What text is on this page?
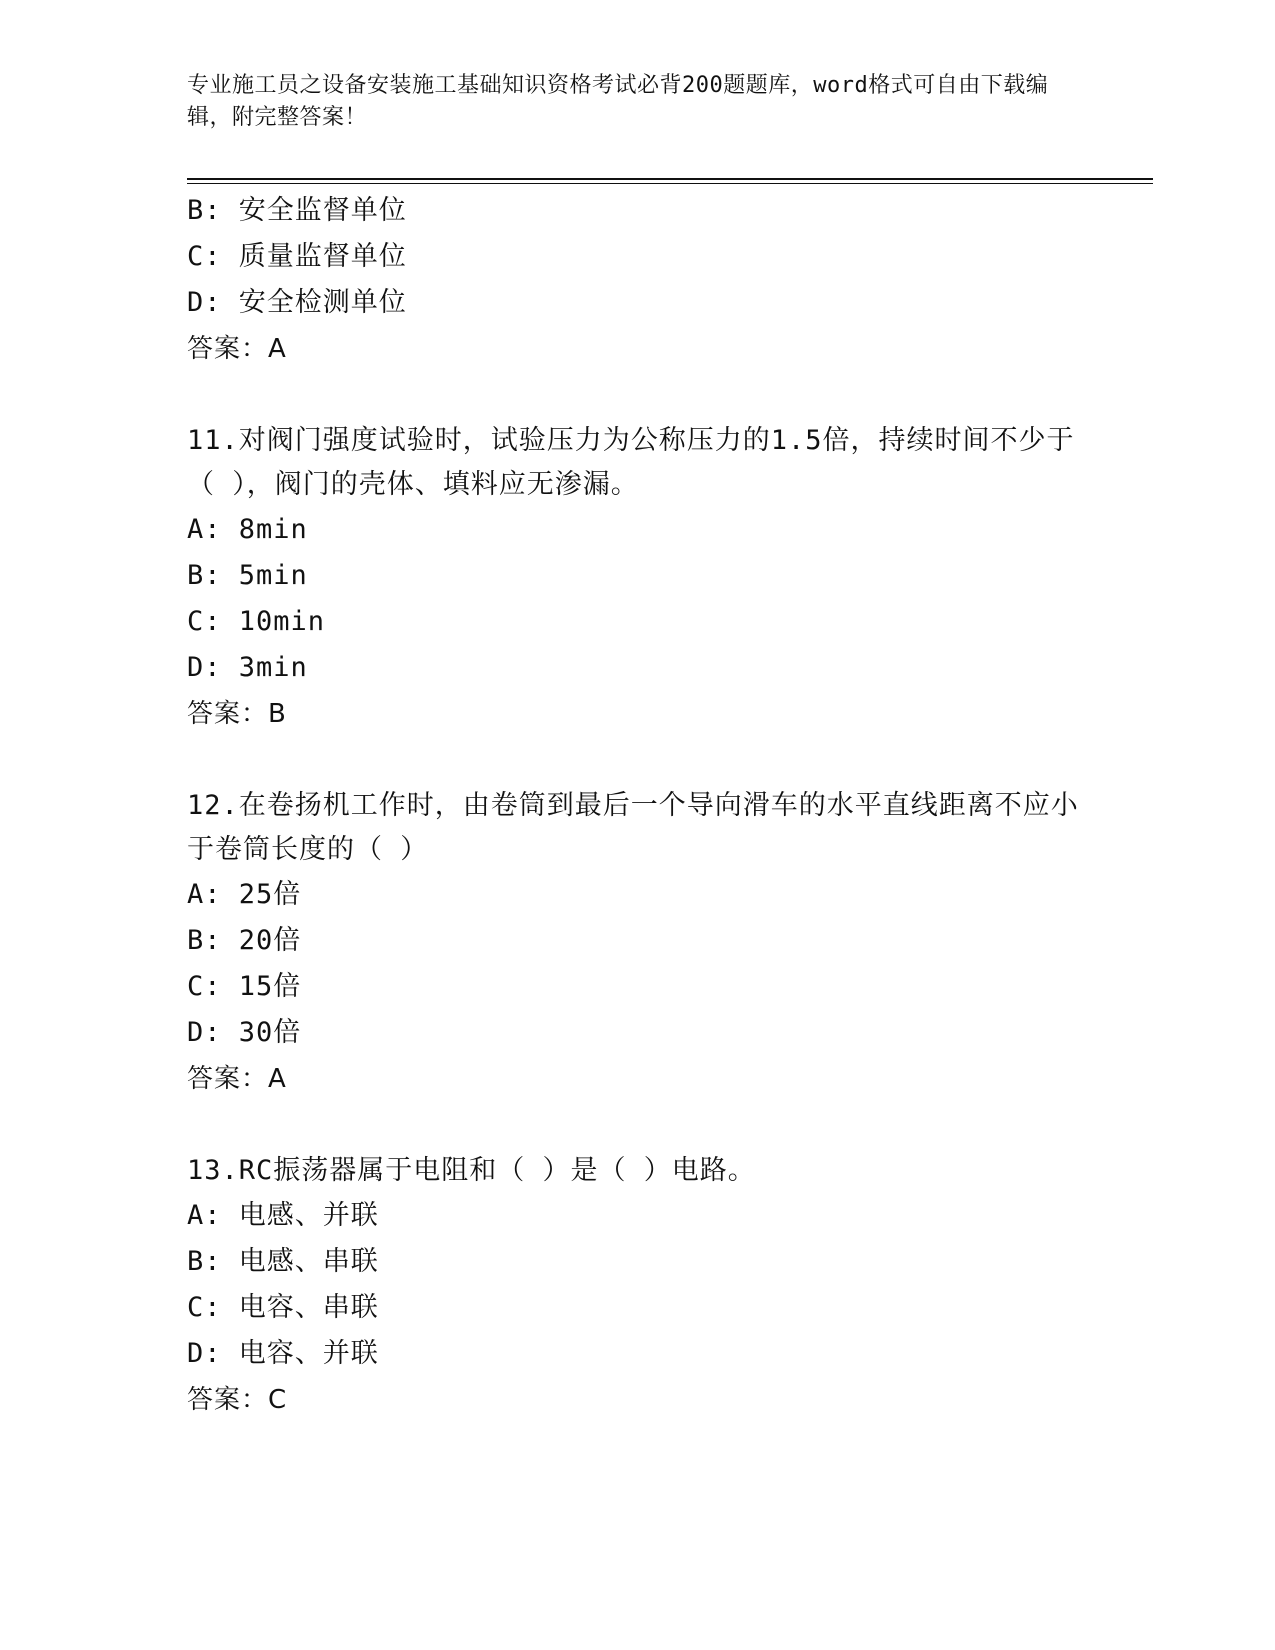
专业施工员之设备安装施工基础知识资格考试必背200题题库，word格式可自由下载编辑，附完整答案！
B: 安全监督单位
C: 质量监督单位
D: 安全检测单位
答案：A
11.对阀门强度试验时，试验压力为公称压力的1.5倍，持续时间不少于（ ），阀门的壳体、填料应无渗漏。
A: 8min
B: 5min
C: 10min
D: 3min
答案：B
12.在卷扬机工作时，由卷筒到最后一个导向滑车的水平直线距离不应小于卷筒长度的（ ）
A: 25倍
B: 20倍
C: 15倍
D: 30倍
答案：A
13.RC振荡器属于电阻和（ ）是（ ）电路。
A: 电感、并联
B: 电感、串联
C: 电容、串联
D: 电容、并联
答案：C
